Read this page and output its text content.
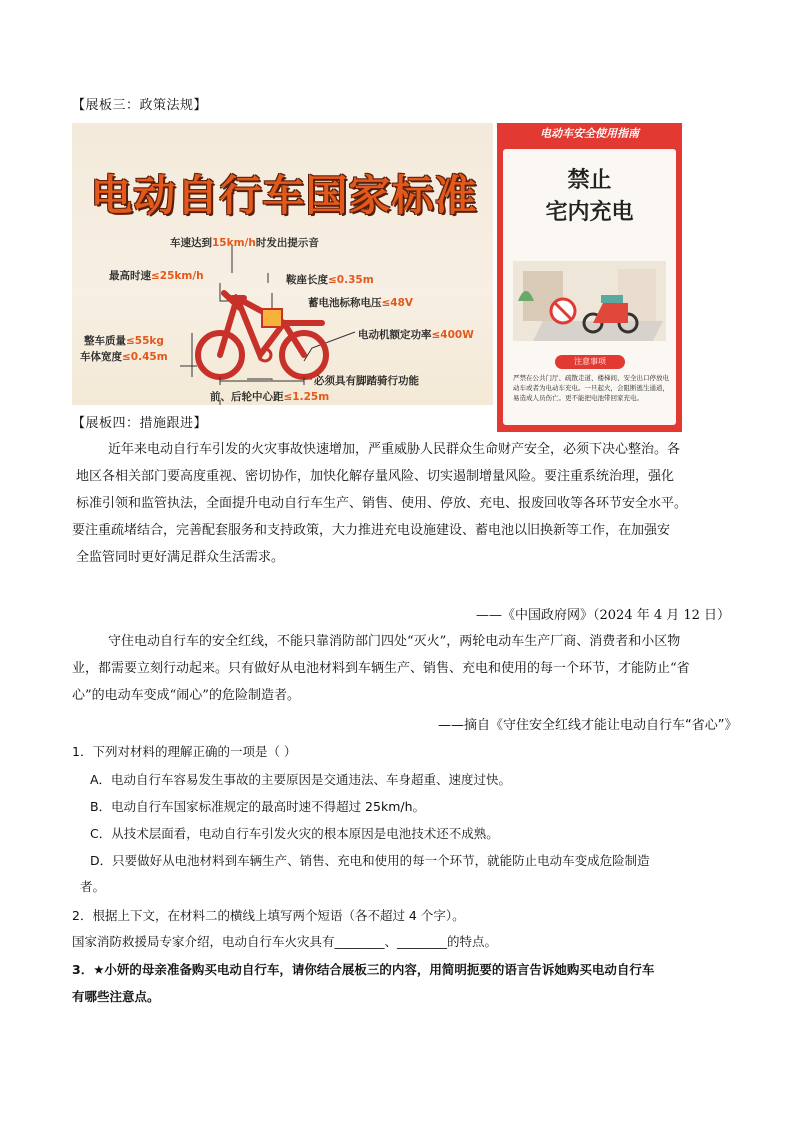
【展板三：政策法规】
电动自行车国家标准
车速达到15km/h时发出提示音
最高时速≤25km/h	鞍座长度≤0.35m
蓄电池标称电压≤48V
电动机额定功率≤400W
整车质量≤55kg
车体宽度≤0.45m
必须具有脚踏骑行功能
前、后轮中心距≤1.25m
电动车安全使用指南
禁止
宅内充电
注意事项
严禁在公共门厅、疏散走道、楼梯间、安全出口停放电动车或者为电动车充电。一旦起火，会阻断逃生通道，易造成人员伤亡。更不能把电池带回家充电。
【展板四：措施跟进】
近年来电动自行车引发的火灾事故快速增加，严重威胁人民群众生命财产安全，必须下决心整治。各
地区各相关部门要高度重视、密切协作，加快化解存量风险、切实遏制增量风险。要注重系统治理，强化
标准引领和监管执法，全面提升电动自行车生产、销售、使用、停放、充电、报废回收等各环节安全水平。
要注重疏堵结合，完善配套服务和支持政策，大力推进充电设施建设、蓄电池以旧换新等工作，在加强安
全监管同时更好满足群众生活需求。
——《中国政府网》（2024 年 4 月 12 日）
守住电动自行车的安全红线，不能只靠消防部门四处“灭火”，两轮电动车生产厂商、消费者和小区物
业，都需要立刻行动起来。只有做好从电池材料到车辆生产、销售、充电和使用的每一个环节，才能防止“省
心”的电动车变成“闹心”的危险制造者。
——摘自《守住安全红线才能让电动自行车“省心”》
1．下列对材料的理解正确的一项是（ ）
A．电动自行车容易发生事故的主要原因是交通违法、车身超重、速度过快。
B．电动自行车国家标准规定的最高时速不得超过 25km/h。
C．从技术层面看，电动自行车引发火灾的根本原因是电池技术还不成熟。
D．只要做好从电池材料到车辆生产、销售、充电和使用的每一个环节，就能防止电动车变成危险制造
者。
2．根据上下文，在材料二的横线上填写两个短语（各不超过 4 个字）。
国家消防救援局专家介绍，电动自行车火灾具有________、________的特点。
3．★小妍的母亲准备购买电动自行车，请你结合展板三的内容，用简明扼要的语言告诉她购买电动自行车
有哪些注意点。
